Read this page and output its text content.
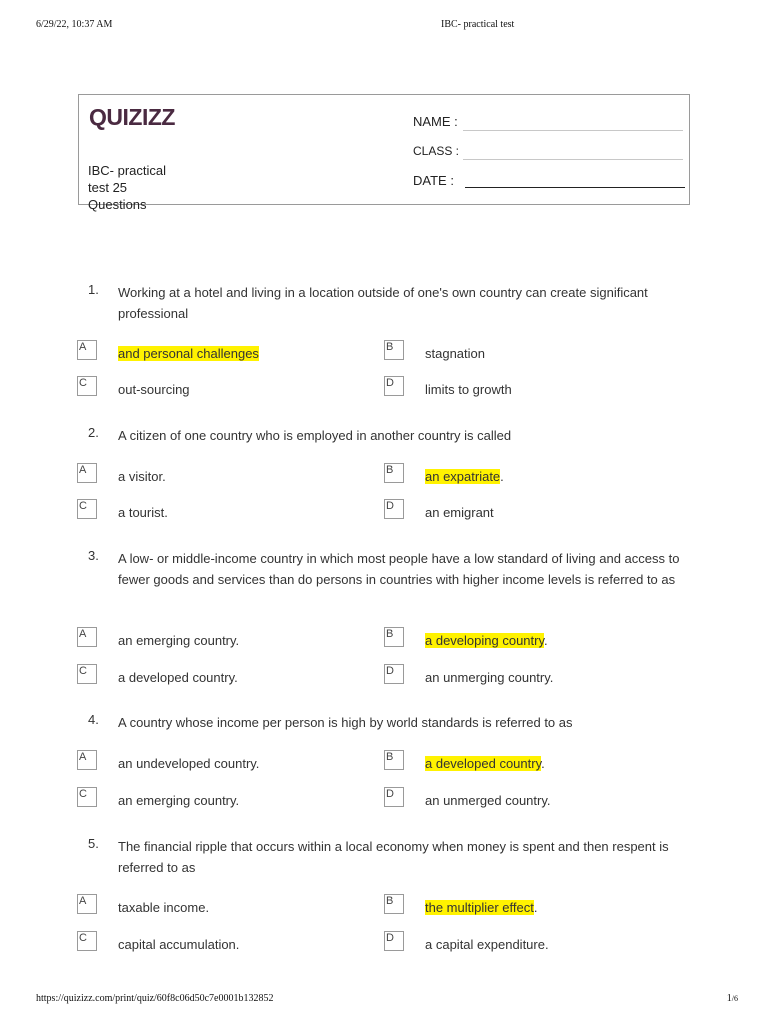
6/29/22, 10:37 AM	IBC- practical test
QUIZIZZ
IBC- practical
test 25
Questions
NAME :
CLASS :
DATE :
1. Working at a hotel and living in a location outside of one's own country can create significant professional
A	and personal challenges	B	stagnation
C	out-sourcing	D	limits to growth
2. A citizen of one country who is employed in another country is called
A	a visitor.	B	an expatriate.
C	a tourist.	D	an emigrant
3. A low- or middle-income country in which most people have a low standard of living and access to fewer goods and services than do persons in countries with higher income levels is referred to as
A	an emerging country.	B	a developing country.
C	a developed country.	D	an unmerging country.
4. A country whose income per person is high by world standards is referred to as
A	an undeveloped country.	B	a developed country.
C	an emerging country.	D	an unmerged country.
5. The financial ripple that occurs within a local economy when money is spent and then respent is referred to as
A	taxable income.	B	the multiplier effect.
C	capital accumulation.	D	a capital expenditure.
https://quizizz.com/print/quiz/60f8c06d50c7e0001b132852	1/6
